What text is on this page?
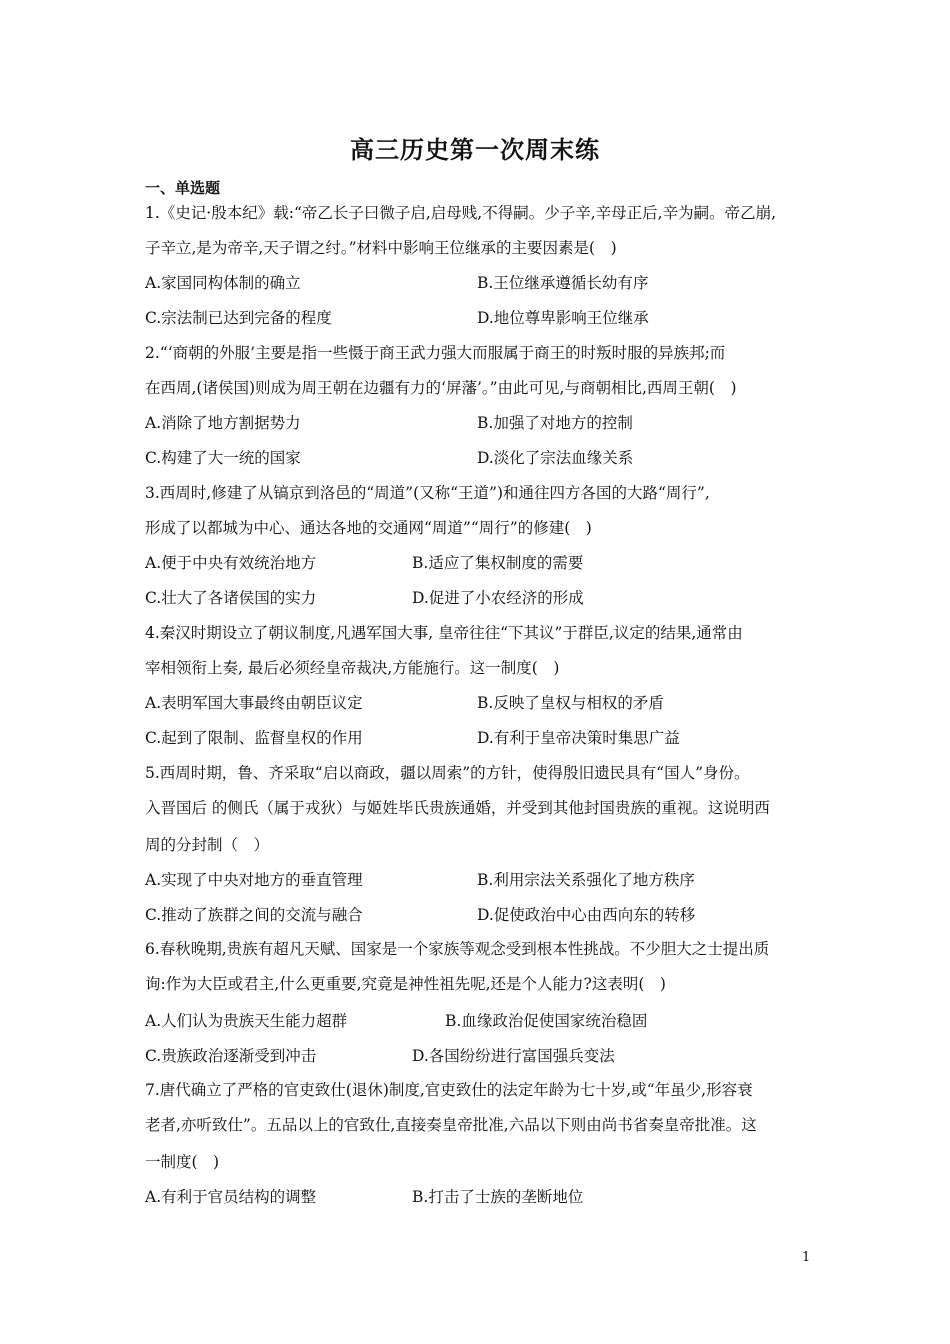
高三历史第一次周末练
一、单选题
1.《史记·殷本纪》载:“帝乙长子曰微子启,启母贱,不得嗣。少子辛,辛母正后,辛为嗣。帝乙崩,
子辛立,是为帝辛,天子谓之纣。”材料中影响王位继承的主要因素是(　)
A.家国同构体制的确立	B.王位继承遵循长幼有序
C.宗法制已达到完备的程度	D.地位尊卑影响王位继承
2.“‘商朝的外服’主要是指一些慑于商王武力强大而服属于商王的时叛时服的异族邦;而
在西周,(诸侯国)则成为周王朝在边疆有力的‘屏藩’。”由此可见,与商朝相比,西周王朝(　)
A.消除了地方割据势力	B.加强了对地方的控制
C.构建了大一统的国家	D.淡化了宗法血缘关系
3.西周时,修建了从镐京到洛邑的“周道”(又称“王道”)和通往四方各国的大路“周行”,
形成了以都城为中心、通达各地的交通网“周道”“周行”的修建(　)
A.便于中央有效统治地方	B.适应了集权制度的需要
C.壮大了各诸侯国的实力	D.促进了小农经济的形成
4.秦汉时期设立了朝议制度,凡遇军国大事, 皇帝往往“下其议”于群臣,议定的结果,通常由
宰相领衔上奏, 最后必须经皇帝裁决,方能施行。这一制度(　)
A.表明军国大事最终由朝臣议定	B.反映了皇权与相权的矛盾
C.起到了限制、监督皇权的作用	D.有利于皇帝决策时集思广益
5.西周时期，鲁、齐采取“启以商政，疆以周索”的方针，使得殷旧遗民具有“国人”身份。
入晋国后 的侧氏（属于戎狄）与姬姓毕氏贵族通婚，并受到其他封国贵族的重视。这说明西
周的分封制（　）
A.实现了中央对地方的垂直管理	B.利用宗法关系强化了地方秩序
C.推动了族群之间的交流与融合	D.促使政治中心由西向东的转移
6.春秋晚期,贵族有超凡天赋、国家是一个家族等观念受到根本性挑战。不少胆大之士提出质
询:作为大臣或君主,什么更重要,究竟是神性祖先呢,还是个人能力?这表明(　)
A.人们认为贵族天生能力超群	B.血缘政治促使国家统治稳固
C.贵族政治逐渐受到冲击	D.各国纷纷进行富国强兵变法
7.唐代确立了严格的官吏致仕(退休)制度,官吏致仕的法定年龄为七十岁,或“年虽少,形容衰
老者,亦听致仕”。五品以上的官致仕,直接奏皇帝批准,六品以下则由尚书省奏皇帝批准。这
一制度(　)
A.有利于官员结构的调整	B.打击了士族的垄断地位
1
